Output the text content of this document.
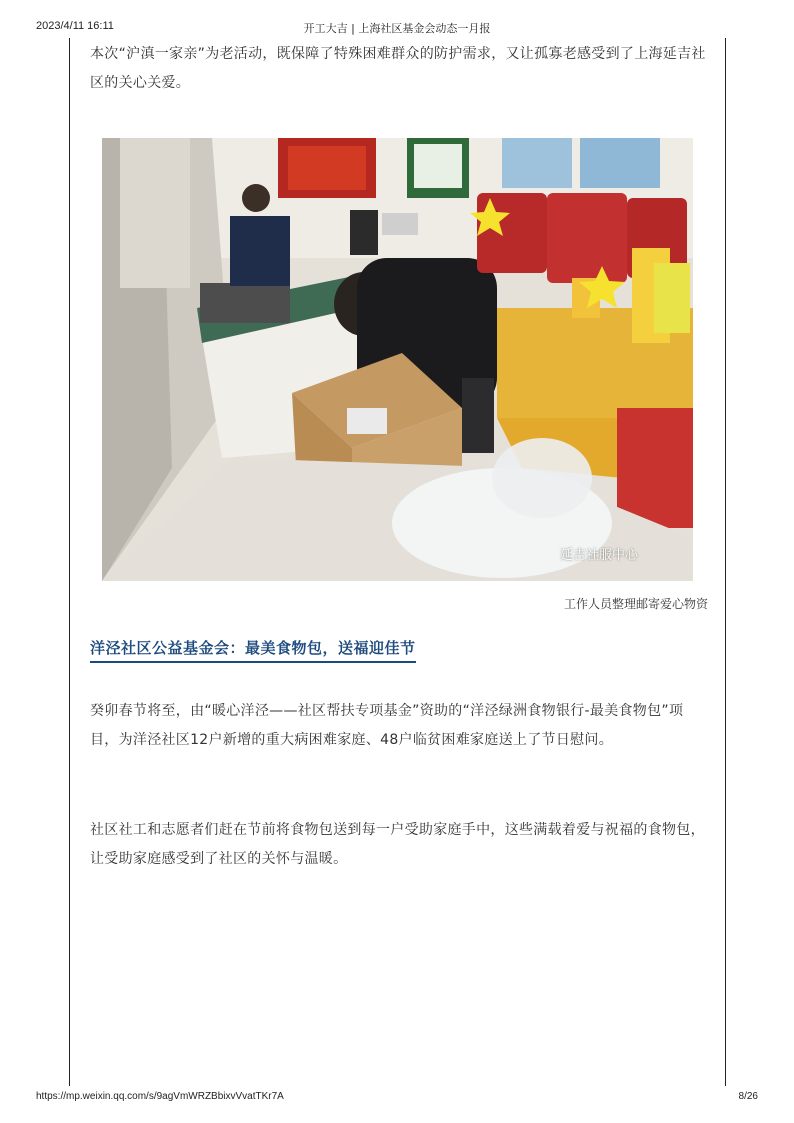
2023/4/11 16:11	开工大吉 | 上海社区基金会动态一月报
本次“沪滇一家亲”为老活动，既保障了特殊困难群众的防护需求，又让孤寡老感受到了上海延吉社区的关心关爱。
延吉社服中心
工作人员整理邮寄爱心物资
洋泾社区公益基金会：最美食物包，送福迎佳节
癸卯春节将至，由“暖心洋泾——社区帮扶专项基金”资助的“洋泾绿洲食物银行-最美食物包”项目，为洋泾社区12户新增的重大病困难家庭、48户临贫困难家庭送上了节日慰问。
社区社工和志愿者们赶在节前将食物包送到每一户受助家庭手中，这些满载着爱与祝福的食物包，让受助家庭感受到了社区的关怀与温暖。
https://mp.weixin.qq.com/s/9agVmWRZBbixvVvatTKr7A	8/26
